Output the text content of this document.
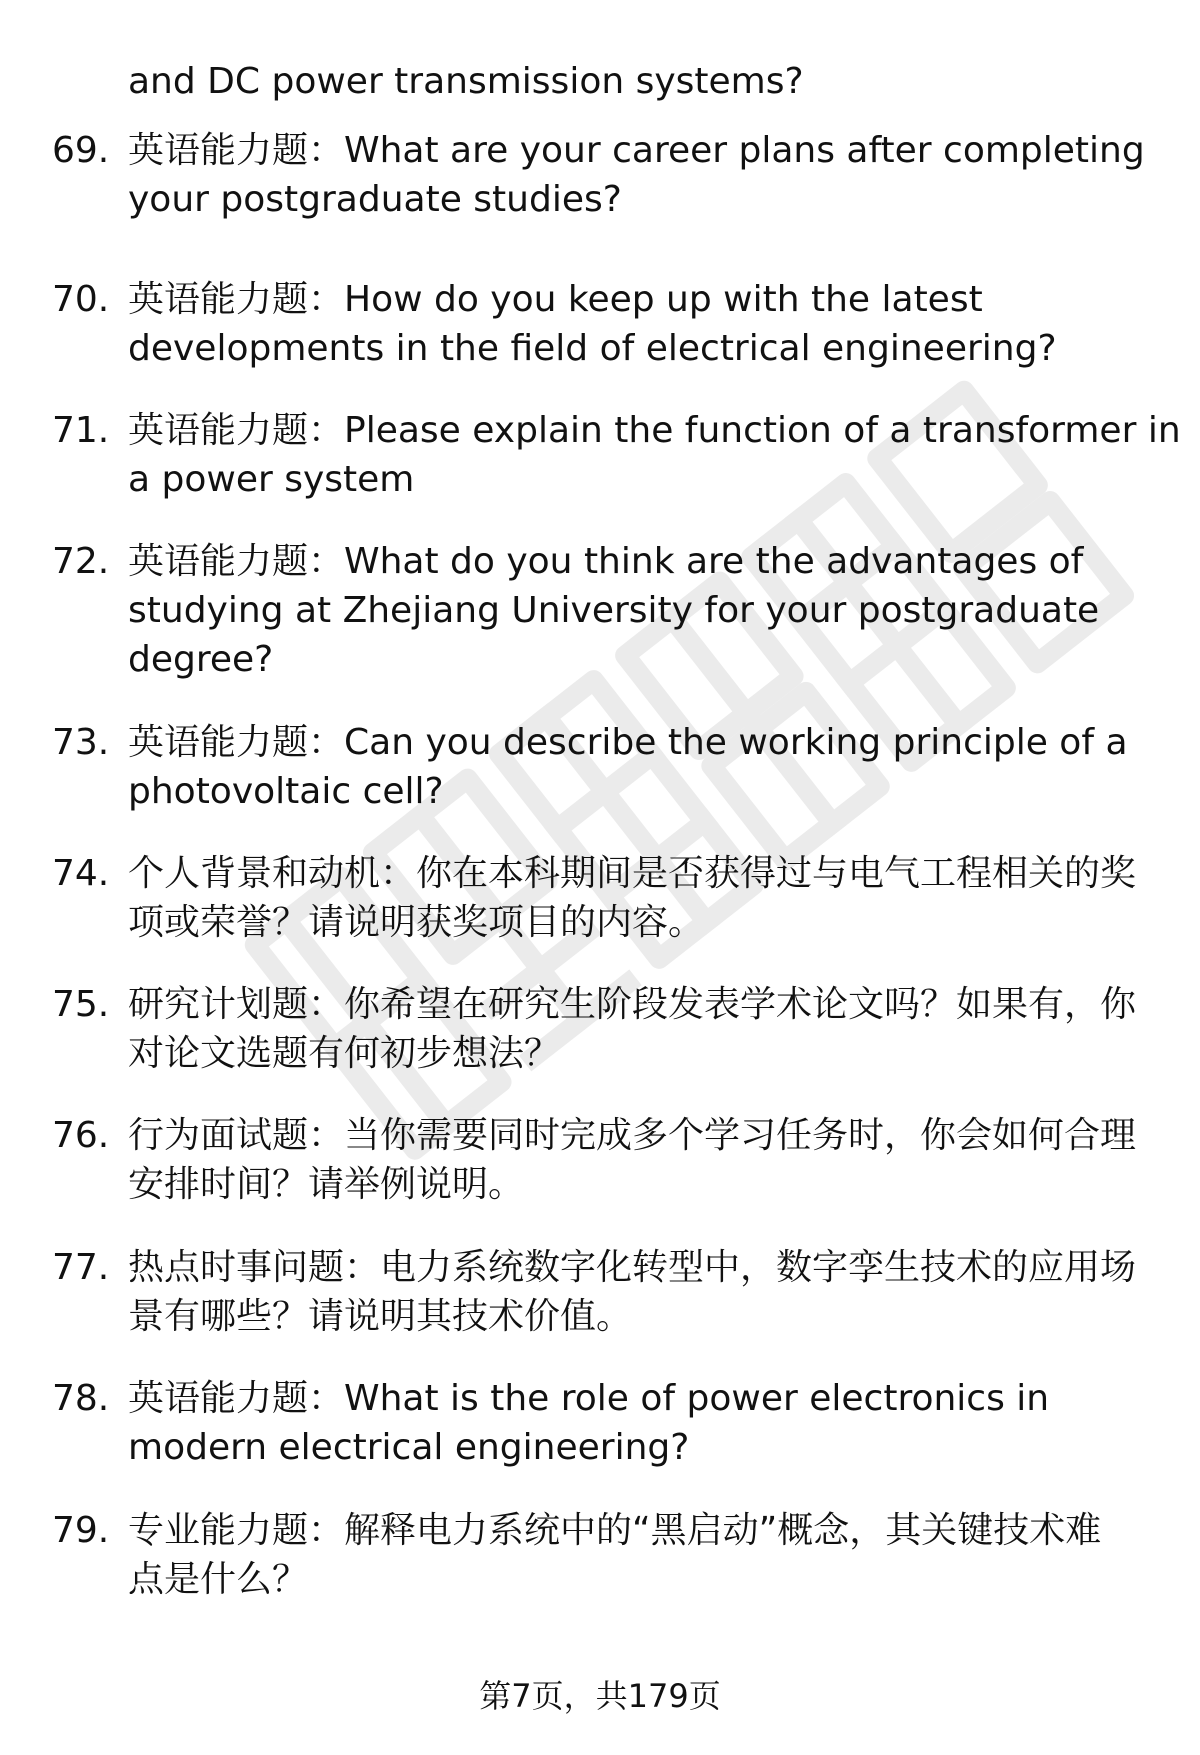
and DC power transmission systems?
69. 英语能力题：What are your career plans after completing
your postgraduate studies?
70. 英语能力题：How do you keep up with the latest
developments in the field of electrical engineering?
71. 英语能力题：Please explain the function of a transformer in
a power system
72. 英语能力题：What do you think are the advantages of
studying at Zhejiang University for your postgraduate
degree?
73. 英语能力题：Can you describe the working principle of a
photovoltaic cell?
74. 个人背景和动机：你在本科期间是否获得过与电气工程相关的奖
项或荣誉？请说明获奖项目的内容。
75. 研究计划题：你希望在研究生阶段发表学术论文吗？如果有，你
对论文选题有何初步想法？
76. 行为面试题：当你需要同时完成多个学习任务时，你会如何合理
安排时间？请举例说明。
77. 热点时事问题：电力系统数字化转型中，数字孪生技术的应用场
景有哪些？请说明其技术价值。
78. 英语能力题：What is the role of power electronics in
modern electrical engineering?
79. 专业能力题：解释电力系统中的“黑启动”概念，其关键技术难
点是什么？
第7页，共179页
